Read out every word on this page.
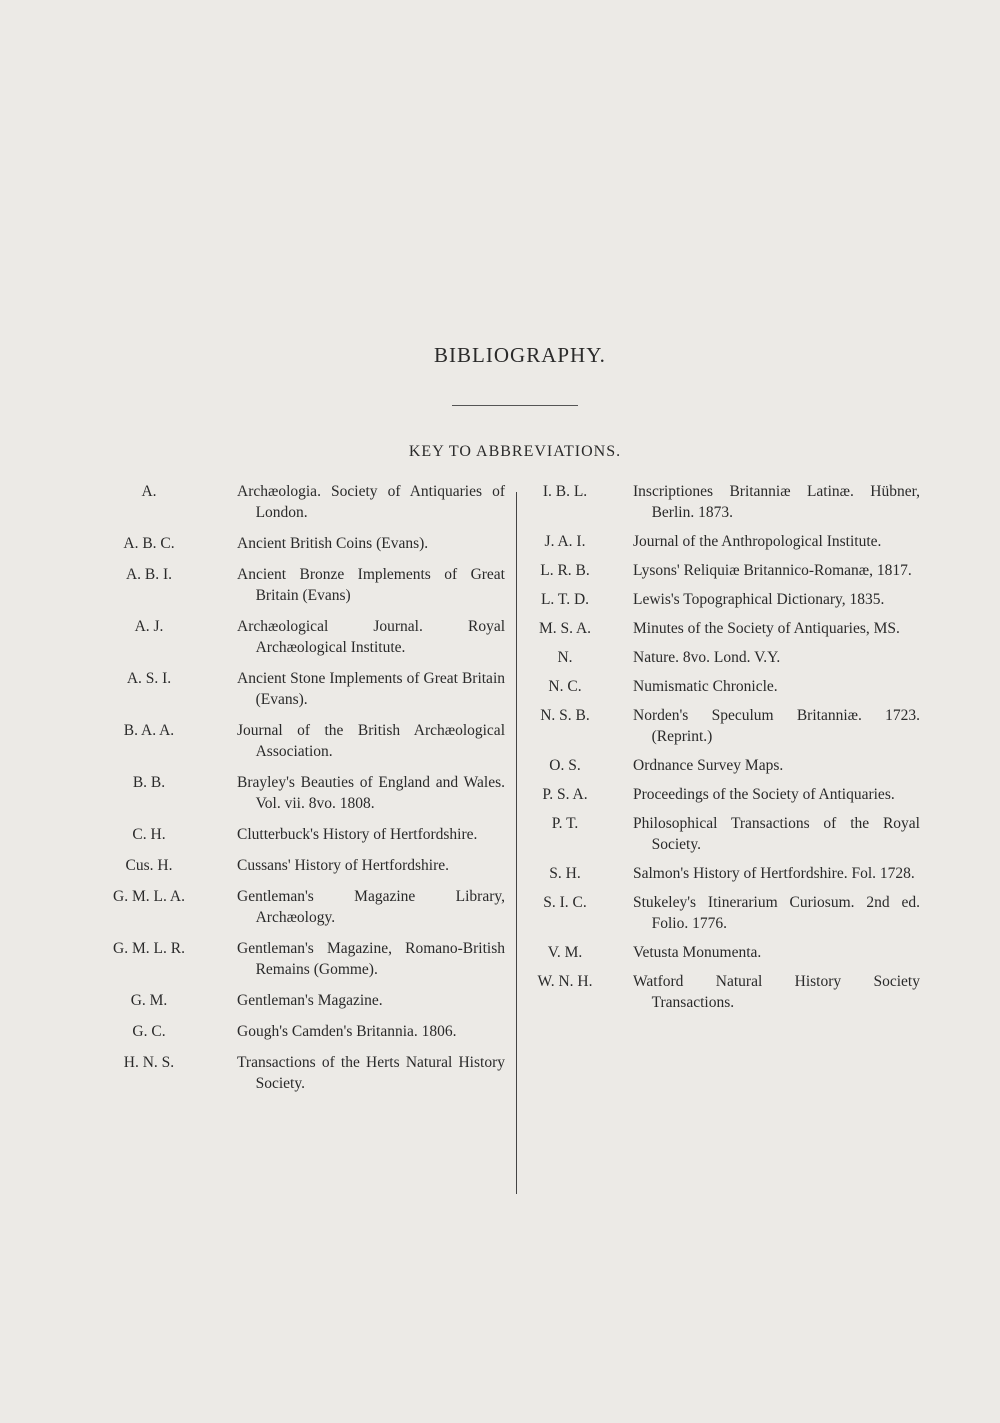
BIBLIOGRAPHY.
KEY TO ABBREVIATIONS.
A.	Archæologia. Society of Antiquaries of London.
A. B. C.	Ancient British Coins (Evans).
A. B. I.	Ancient Bronze Implements of Great Britain (Evans)
A. J.	Archæological Journal. Royal Archæological Institute.
A. S. I.	Ancient Stone Implements of Great Britain (Evans).
B. A. A.	Journal of the British Archæological Association.
B. B.	Brayley's Beauties of England and Wales. Vol. vii. 8vo. 1808.
C. H.	Clutterbuck's History of Hertfordshire.
Cus. H.	Cussans' History of Hertfordshire.
G. M. L. A.	Gentleman's Magazine Library, Archæology.
G. M. L. R.	Gentleman's Magazine, Romano-British Remains (Gomme).
G. M.	Gentleman's Magazine.
G. C.	Gough's Camden's Britannia. 1806.
H. N. S.	Transactions of the Herts Natural History Society.
I. B. L.	Inscriptiones Britanniæ Latinæ. Hübner, Berlin. 1873.
J. A. I.	Journal of the Anthropological Institute.
L. R. B.	Lysons' Reliquiæ Britannico-Romanæ, 1817.
L. T. D.	Lewis's Topographical Dictionary, 1835.
M. S. A.	Minutes of the Society of Antiquaries, MS.
N.	Nature. 8vo. Lond. V.Y.
N. C.	Numismatic Chronicle.
N. S. B.	Norden's Speculum Britanniæ. 1723. (Reprint.)
O. S.	Ordnance Survey Maps.
P. S. A.	Proceedings of the Society of Antiquaries.
P. T.	Philosophical Transactions of the Royal Society.
S. H.	Salmon's History of Hertfordshire. Fol. 1728.
S. I. C.	Stukeley's Itinerarium Curiosum. 2nd ed. Folio. 1776.
V. M.	Vetusta Monumenta.
W. N. H.	Watford Natural History Society Transactions.
